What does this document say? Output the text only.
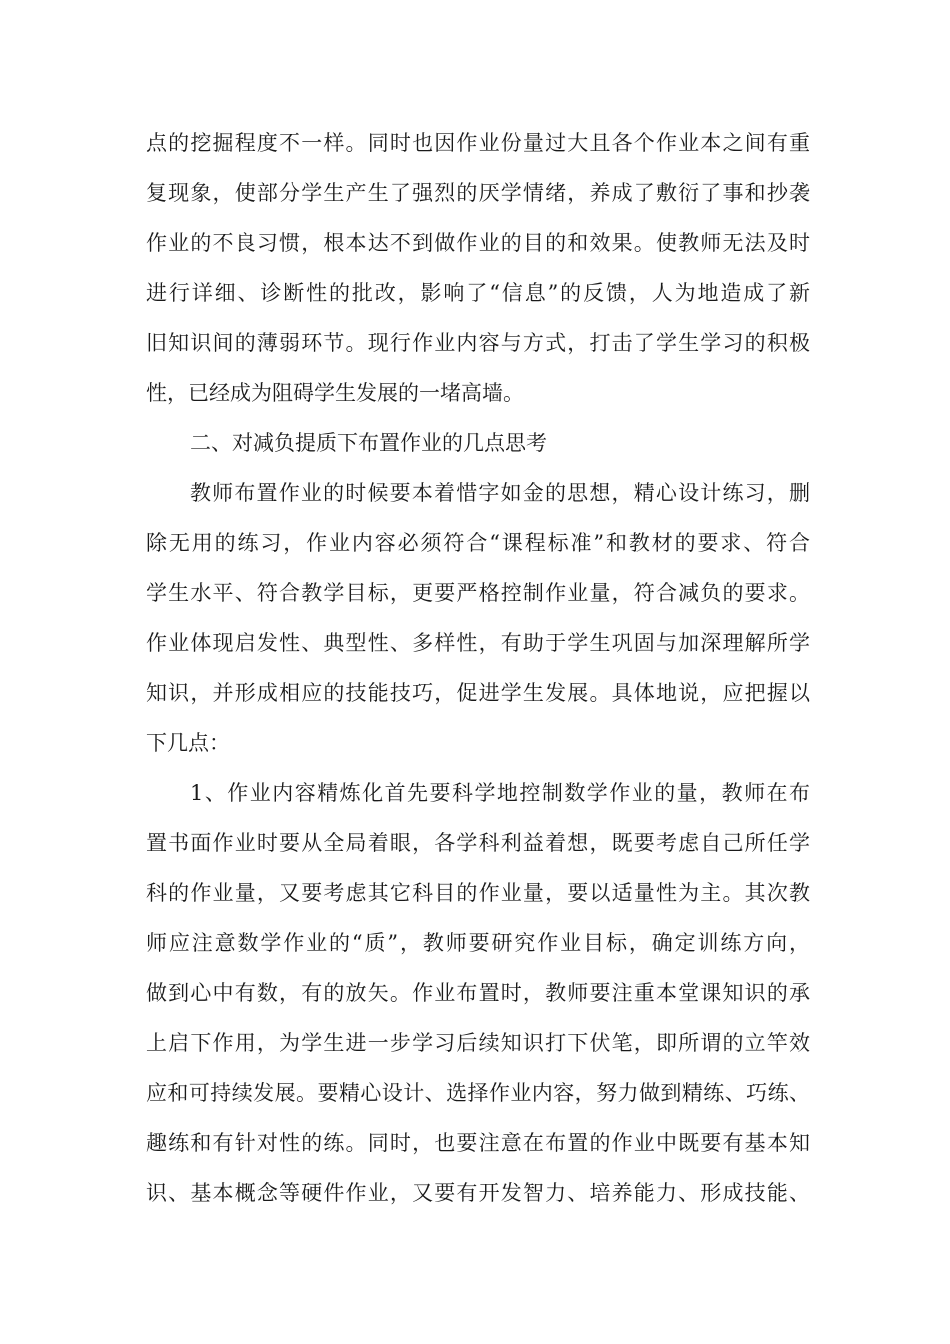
点的挖掘程度不一样。同时也因作业份量过大且各个作业本之间有重
复现象，使部分学生产生了强烈的厌学情绪，养成了敷衍了事和抄袭
作业的不良习惯，根本达不到做作业的目的和效果。使教师无法及时
进行详细、诊断性的批改，影响了“信息”的反馈，人为地造成了新
旧知识间的薄弱环节。现行作业内容与方式，打击了学生学习的积极
性，已经成为阻碍学生发展的一堵高墙。
二、对减负提质下布置作业的几点思考
教师布置作业的时候要本着惜字如金的思想，精心设计练习，删
除无用的练习，作业内容必须符合“课程标准”和教材的要求、符合
学生水平、符合教学目标，更要严格控制作业量，符合减负的要求。
作业体现启发性、典型性、多样性，有助于学生巩固与加深理解所学
知识，并形成相应的技能技巧，促进学生发展。具体地说，应把握以
下几点：
1、作业内容精炼化首先要科学地控制数学作业的量，教师在布
置书面作业时要从全局着眼，各学科利益着想，既要考虑自己所任学
科的作业量，又要考虑其它科目的作业量，要以适量性为主。其次教
师应注意数学作业的“质”，教师要研究作业目标，确定训练方向，
做到心中有数，有的放矢。作业布置时，教师要注重本堂课知识的承
上启下作用，为学生进一步学习后续知识打下伏笔，即所谓的立竿效
应和可持续发展。要精心设计、选择作业内容，努力做到精练、巧练、
趣练和有针对性的练。同时，也要注意在布置的作业中既要有基本知
识、基本概念等硬件作业，又要有开发智力、培养能力、形成技能、
